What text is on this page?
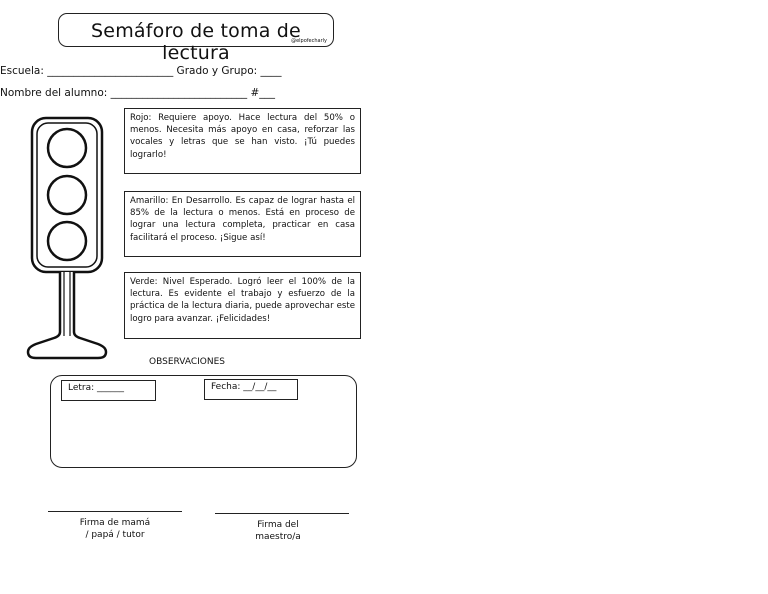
Semáforo de toma de lectura
@elpofecharly
Escuela: ________________________ Grado y Grupo: ____
Nombre del alumno: __________________________ #___
Rojo: Requiere apoyo. Hace lectura del 50% o menos. Necesita más apoyo en casa, reforzar las vocales y letras que se han visto. ¡Tú puedes lograrlo!
Amarillo: En Desarrollo. Es capaz de lograr hasta el 85% de la lectura o menos. Está en proceso de lograr una lectura completa, practicar en casa facilitará el proceso. ¡Sigue así!
Verde: Nivel Esperado. Logró leer el 100% de la lectura. Es evidente el trabajo y esfuerzo de la práctica de la lectura diaria, puede aprovechar este logro para avanzar. ¡Felicidades!
OBSERVACIONES
Letra: ______	Fecha: __/__/__
Firma de mamá
/ papá / tutor
Firma del
maestro/a
